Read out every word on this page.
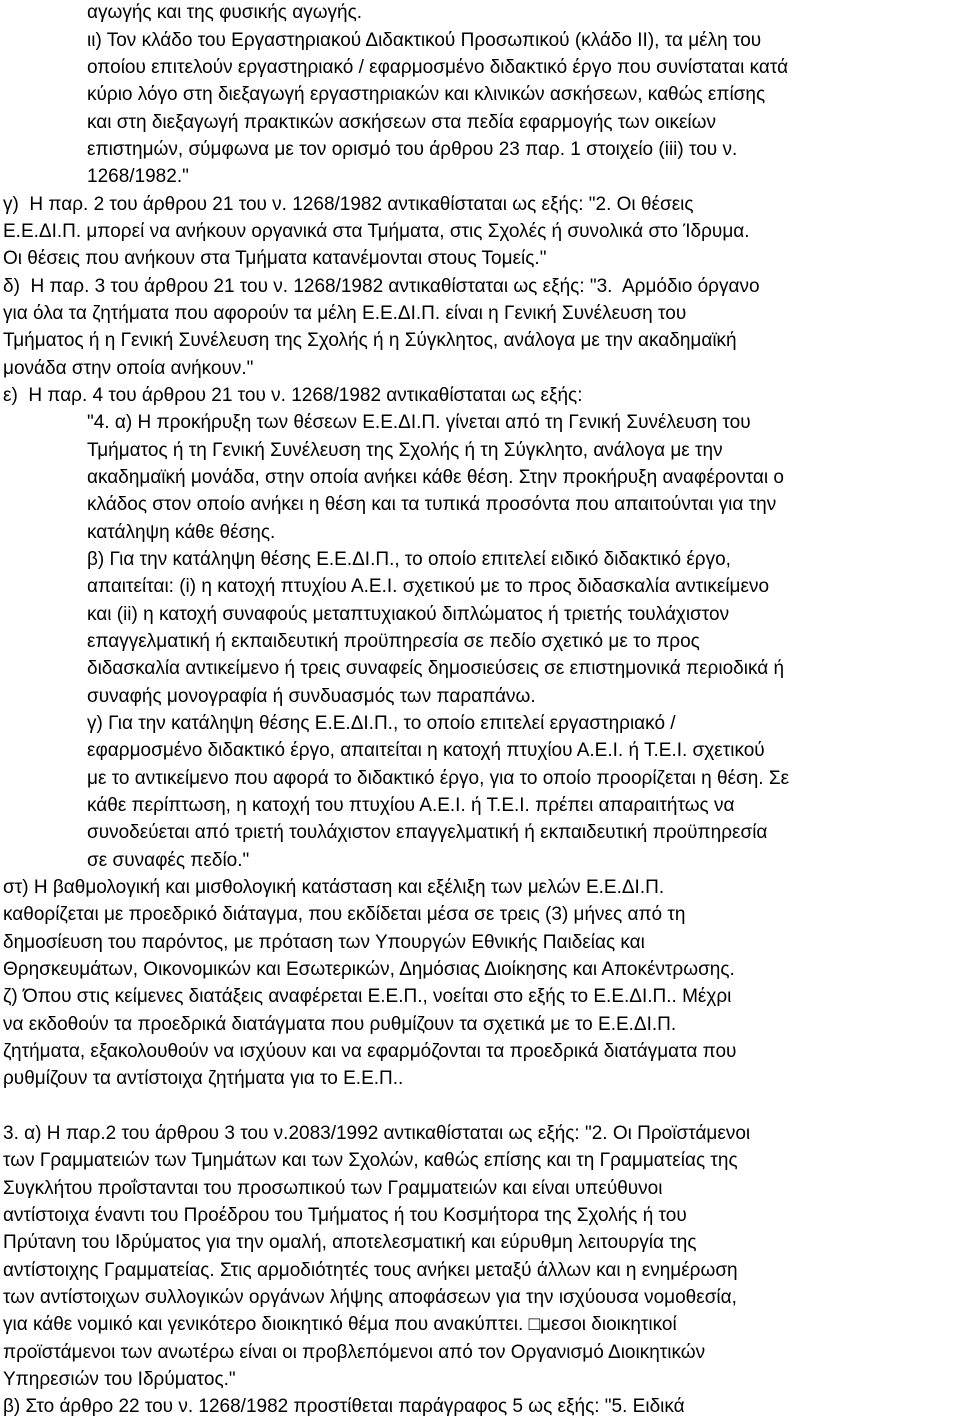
αγωγής και της φυσικής αγωγής.
ιι) Τον κλάδο του Εργαστηριακού Διδακτικού Προσωπικού (κλάδο ΙΙ), τα μέλη του
οποίου επιτελούν εργαστηριακό / εφαρμοσμένο διδακτικό έργο που συνίσταται κατά
κύριο λόγο στη διεξαγωγή εργαστηριακών και κλινικών ασκήσεων, καθώς επίσης
και στη διεξαγωγή πρακτικών ασκήσεων στα πεδία εφαρμογής των οικείων
επιστημών, σύμφωνα με τον ορισμό του άρθρου 23 παρ. 1 στοιχείο (iii) του ν.
1268/1982."
γ)  Η παρ. 2 του άρθρου 21 του ν. 1268/1982 αντικαθίσταται ως εξής: "2. Οι θέσεις
Ε.Ε.ΔΙ.Π. μπορεί να ανήκουν οργανικά στα Τμήματα, στις Σχολές ή συνολικά στο Ίδρυμα.
Οι θέσεις που ανήκουν στα Τμήματα κατανέμονται στους Τομείς."
δ)  Η παρ. 3 του άρθρου 21 του ν. 1268/1982 αντικαθίσταται ως εξής: "3.  Αρμόδιο όργανο
για όλα τα ζητήματα που αφορούν τα μέλη Ε.Ε.ΔΙ.Π. είναι η Γενική Συνέλευση του
Τμήματος ή η Γενική Συνέλευση της Σχολής ή η Σύγκλητος, ανάλογα με την ακαδημαϊκή
μονάδα στην οποία ανήκουν."
ε)  Η παρ. 4 του άρθρου 21 του ν. 1268/1982 αντικαθίσταται ως εξής:
"4. α) Η προκήρυξη των θέσεων Ε.Ε.ΔΙ.Π. γίνεται από τη Γενική Συνέλευση του
Τμήματος ή τη Γενική Συνέλευση της Σχολής ή τη Σύγκλητο, ανάλογα με την
ακαδημαϊκή μονάδα, στην οποία ανήκει κάθε θέση. Στην προκήρυξη αναφέρονται ο
κλάδος στον οποίο ανήκει η θέση και τα τυπικά προσόντα που απαιτούνται για την
κατάληψη κάθε θέσης.
β) Για την κατάληψη θέσης Ε.Ε.ΔΙ.Π., το οποίο επιτελεί ειδικό διδακτικό έργο,
απαιτείται: (i) η κατοχή πτυχίου Α.Ε.Ι. σχετικού με το προς διδασκαλία αντικείμενο
και (ii) η κατοχή συναφούς μεταπτυχιακού διπλώματος ή τριετής τουλάχιστον
επαγγελματική ή εκπαιδευτική προϋπηρεσία σε πεδίο σχετικό με το προς
διδασκαλία αντικείμενο ή τρεις συναφείς δημοσιεύσεις σε επιστημονικά περιοδικά ή
συναφής μονογραφία ή συνδυασμός των παραπάνω.
γ) Για την κατάληψη θέσης Ε.Ε.ΔΙ.Π., το οποίο επιτελεί εργαστηριακό /
εφαρμοσμένο διδακτικό έργο, απαιτείται η κατοχή πτυχίου Α.Ε.Ι. ή Τ.Ε.Ι. σχετικού
με το αντικείμενο που αφορά το διδακτικό έργο, για το οποίο προορίζεται η θέση. Σε
κάθε περίπτωση, η κατοχή του πτυχίου Α.Ε.Ι. ή Τ.Ε.Ι. πρέπει απαραιτήτως να
συνοδεύεται από τριετή τουλάχιστον επαγγελματική ή εκπαιδευτική προϋπηρεσία
σε συναφές πεδίο."
στ) Η βαθμολογική και μισθολογική κατάσταση και εξέλιξη των μελών Ε.Ε.ΔΙ.Π.
καθορίζεται με προεδρικό διάταγμα, που εκδίδεται μέσα σε τρεις (3) μήνες από τη
δημοσίευση του παρόντος, με πρόταση των Υπουργών Εθνικής Παιδείας και
Θρησκευμάτων, Οικονομικών και Εσωτερικών, Δημόσιας Διοίκησης και Αποκέντρωσης.
ζ) Όπου στις κείμενες διατάξεις αναφέρεται Ε.Ε.Π., νοείται στο εξής το Ε.Ε.ΔΙ.Π.. Μέχρι
να εκδοθούν τα προεδρικά διατάγματα που ρυθμίζουν τα σχετικά με το Ε.Ε.ΔΙ.Π.
ζητήματα, εξακολουθούν να ισχύουν και να εφαρμόζονται τα προεδρικά διατάγματα που
ρυθμίζουν τα αντίστοιχα ζητήματα για το Ε.Ε.Π..
3. α) Η παρ.2 του άρθρου 3 του ν.2083/1992 αντικαθίσταται ως εξής: "2. Οι Προϊστάμενοι
των Γραμματειών των Τμημάτων και των Σχολών, καθώς επίσης και τη Γραμματείας της
Συγκλήτου προΐστανται του προσωπικού των Γραμματειών και είναι υπεύθυνοι
αντίστοιχα έναντι του Προέδρου του Τμήματος ή του Κοσμήτορα της Σχολής ή του
Πρύτανη του Ιδρύματος για την ομαλή, αποτελεσματική και εύρυθμη λειτουργία της
αντίστοιχης Γραμματείας. Στις αρμοδιότητές τους ανήκει μεταξύ άλλων και η ενημέρωση
των αντίστοιχων συλλογικών οργάνων λήψης αποφάσεων για την ισχύουσα νομοθεσία,
για κάθε νομικό και γενικότερο διοικητικό θέμα που ανακύπτει. □μεσοι διοικητικοί
προϊστάμενοι των ανωτέρω είναι οι προβλεπόμενοι από τον Οργανισμό Διοικητικών
Υπηρεσιών του Ιδρύματος."
β) Στο άρθρο 22 του ν. 1268/1982 προστίθεται παράγραφος 5 ως εξής: "5. Ειδικά
